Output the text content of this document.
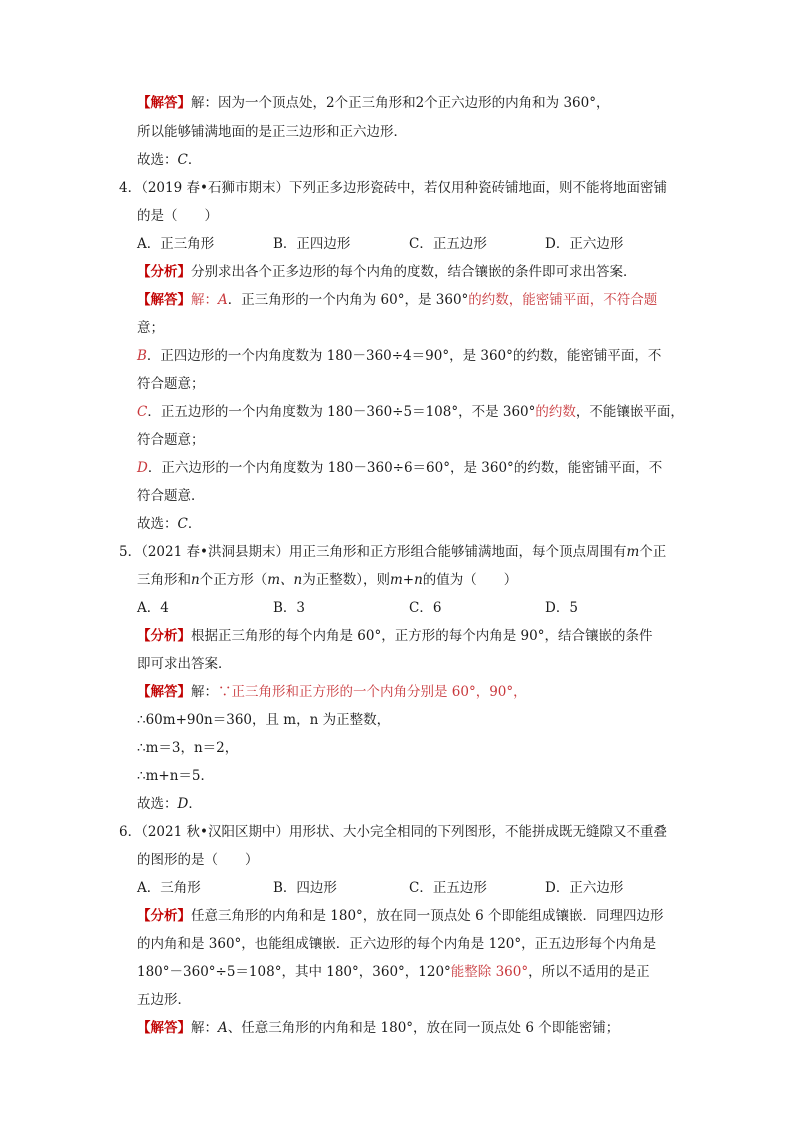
【解答】解：因为一个顶点处，2个正三角形和2个正六边形的内角和为 360°，
所以能够铺满地面的是正三边形和正六边形．
故选：C．
4．（2019 春•石狮市期末）下列正多边形瓷砖中，若仅用种瓷砖铺地面，则不能将地面密铺
的是（　　）
A．正三角形	B．正四边形	C．正五边形	D．正六边形
【分析】分别求出各个正多边形的每个内角的度数，结合镶嵌的条件即可求出答案．
【解答】解：A．正三角形的一个内角为 60°，是 360°的约数，能密铺平面，不符合题
意；
B．正四边形的一个内角度数为 180－360÷4＝90°，是 360°的约数，能密铺平面，不
符合题意；
C．正五边形的一个内角度数为 180－360÷5＝108°，不是 360°的约数，不能镶嵌平面，
符合题意；
D．正六边形的一个内角度数为 180－360÷6＝60°，是 360°的约数，能密铺平面，不
符合题意．
故选：C．
5．（2021 春•洪洞县期末）用正三角形和正方形组合能够铺满地面，每个顶点周围有m个正
三角形和n个正方形（m、n为正整数），则m+n的值为（　　）
A．4	B．3	C．6	D．5
【分析】根据正三角形的每个内角是 60°，正方形的每个内角是 90°，结合镶嵌的条件
即可求出答案．
【解答】解：∵正三角形和正方形的一个内角分别是 60°，90°，
∴60m+90n＝360，且 m，n 为正整数，
∴m＝3，n＝2，
∴m+n＝5．
故选：D．
6．（2021 秋•汉阳区期中）用形状、大小完全相同的下列图形，不能拼成既无缝隙又不重叠
的图形的是（　　）
A．三角形	B．四边形	C．正五边形	D．正六边形
【分析】任意三角形的内角和是 180°，放在同一顶点处 6 个即能组成镶嵌．同理四边形
的内角和是 360°，也能组成镶嵌．正六边形的每个内角是 120°，正五边形每个内角是
180°－360°÷5＝108°，其中 180°，360°，120°能整除 360°，所以不适用的是正
五边形．
【解答】解：A、任意三角形的内角和是 180°，放在同一顶点处 6 个即能密铺；
